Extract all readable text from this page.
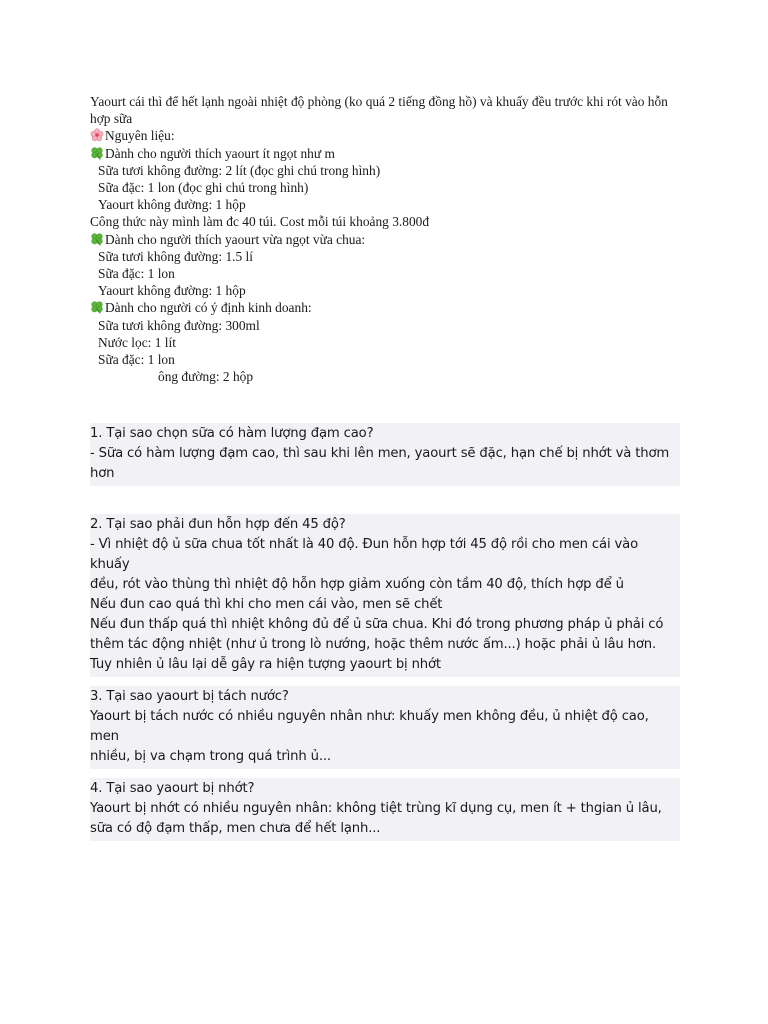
Yaourt cái thì để hết lạnh ngoài nhiệt độ phòng (ko quá 2 tiếng đồng hồ) và khuấy đều trước khi rót vào hỗn hợp sữa
Nguyên liệu:
Dành cho người thích yaourt ít ngọt như m
Sữa tươi không đường: 2 lít (đọc ghi chú trong hình)
Sữa đặc: 1 lon (đọc ghi chú trong hình)
Yaourt không đường: 1 hộp
Công thức này mình làm đc 40 túi. Cost mỗi túi khoảng 3.800đ
Dành cho người thích yaourt vừa ngọt vừa chua:
Sữa tươi không đường: 1.5 lí
Sữa đặc: 1 lon
Yaourt không đường: 1 hộp
Dành cho người có ý định kinh doanh:
Sữa tươi không đường: 300ml
Nước lọc: 1 lít
Sữa đặc: 1 lon
ông đường: 2 hộp
1. Tại sao chọn sữa có hàm lượng đạm cao?
- Sữa có hàm lượng đạm cao, thì sau khi lên men, yaourt sẽ đặc, hạn chế bị nhớt và thơm
hơn
2. Tại sao phải đun hỗn hợp đến 45 độ?
- Vì nhiệt độ ủ sữa chua tốt nhất là 40 độ. Đun hỗn hợp tới 45 độ rồi cho men cái vào khuấy
đều, rót vào thùng thì nhiệt độ hỗn hợp giảm xuống còn tầm 40 độ, thích hợp để ủ
Nếu đun cao quá thì khi cho men cái vào, men sẽ chết
Nếu đun thấp quá thì nhiệt không đủ để ủ sữa chua. Khi đó trong phương pháp ủ phải có
thêm tác động nhiệt (như ủ trong lò nướng, hoặc thêm nước ấm...) hoặc phải ủ lâu hơn.
Tuy nhiên ủ lâu lại dễ gây ra hiện tượng yaourt bị nhớt
3. Tại sao yaourt bị tách nước?
Yaourt bị tách nước có nhiều nguyên nhân như: khuấy men không đều, ủ nhiệt độ cao, men
nhiều, bị va chạm trong quá trình ủ...
4. Tại sao yaourt bị nhớt?
Yaourt bị nhớt có nhiều nguyên nhân: không tiệt trùng kĩ dụng cụ, men ít + thgian ủ lâu,
sữa có độ đạm thấp, men chưa để hết lạnh...
